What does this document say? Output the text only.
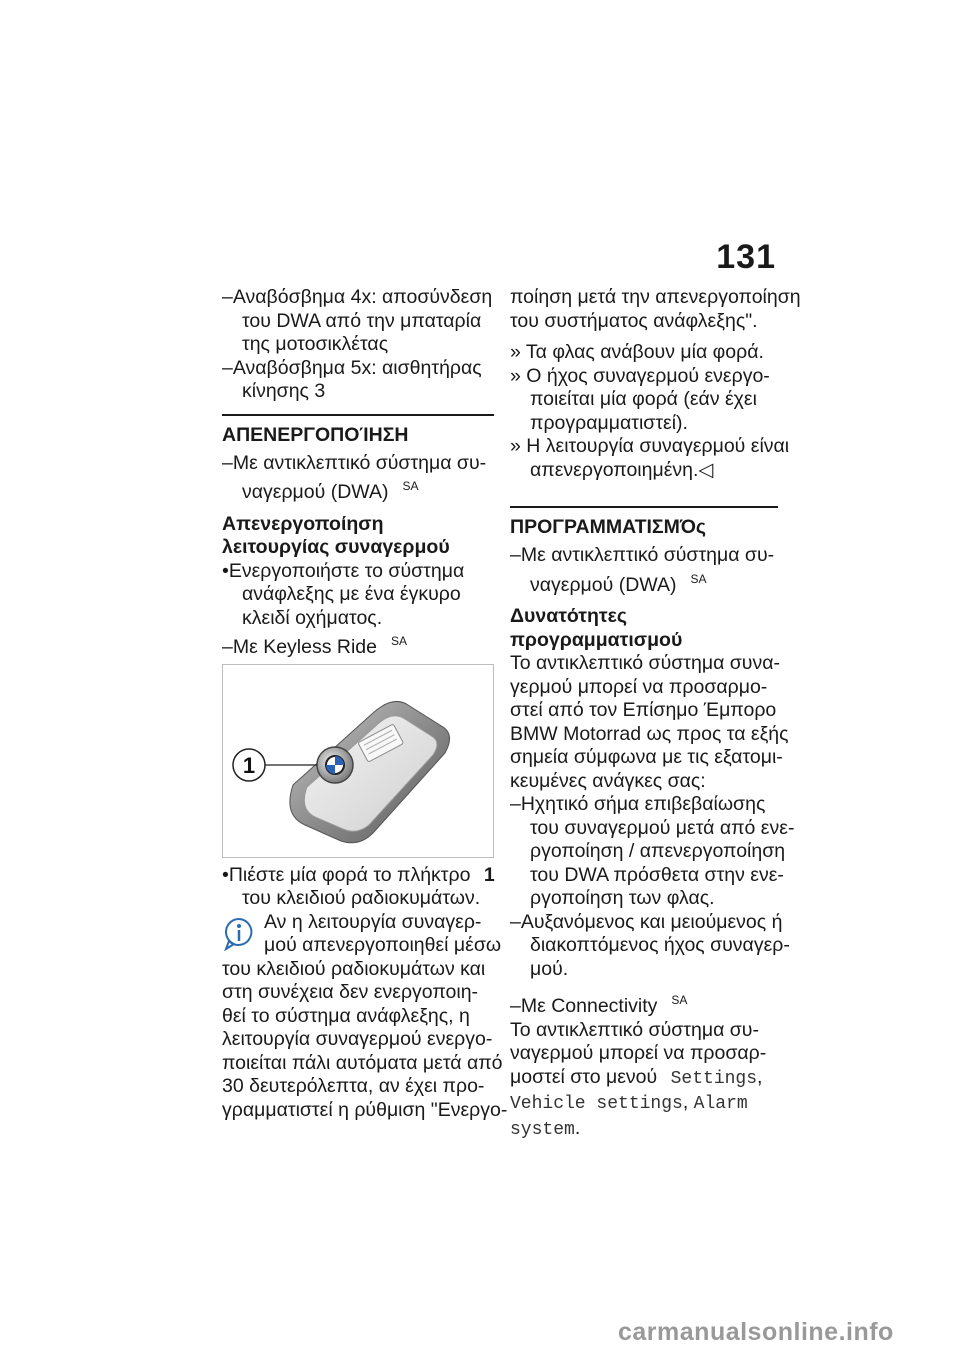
131
–Αναβόσβημα 4x: αποσύνδεση
του DWA από την μπαταρία
της μοτοσικλέτας
–Αναβόσβημα 5x: αισθητήρας
κίνησης 3
ΑΠΕΝΕΡΓΟΠΟΊΗΣΗ
–Με αντικλεπτικό σύστημα συ-
ναγερμού (DWA) $^{SA}$
Απενεργοποίηση
λειτουργίας συναγερμού
•Ενεργοποιήστε το σύστημα
ανάφλεξης με ένα έγκυρο
κλειδί οχήματος.
–Με Keyless Ride $^{SA}$
1
•Πιέστε μία φορά το πλήκτρο 1
του κλειδιού ραδιοκυμάτων.
Αν η λειτουργία συναγερ-
μού απενεργοποιηθεί μέσω
του κλειδιού ραδιοκυμάτων και
στη συνέχεια δεν ενεργοποιη-
θεί το σύστημα ανάφλεξης, η
λειτουργία συναγερμού ενεργο-
ποιείται πάλι αυτόματα μετά από
30 δευτερόλεπτα, αν έχει προ-
γραμματιστεί η ρύθμιση "Ενεργο-
ποίηση μετά την απενεργοποίηση
του συστήματος ανάφλεξης".
» Τα φλας ανάβουν μία φορά.
» Ο ήχος συναγερμού ενεργο-
ποιείται μία φορά (εάν έχει
προγραμματιστεί).
» Η λειτουργία συναγερμού είναι
απενεργοποιημένη.◁
ΠΡΟΓΡΑΜΜΑΤΙΣΜΌς
–Με αντικλεπτικό σύστημα συ-
ναγερμού (DWA) $^{SA}$
Δυνατότητες
προγραμματισμού
Το αντικλεπτικό σύστημα συνα-
γερμού μπορεί να προσαρμο-
στεί από τον Επίσημο Έμπορο
BMW Motorrad ως προς τα εξής
σημεία σύμφωνα με τις εξατομι-
κευμένες ανάγκες σας:
–Ηχητικό σήμα επιβεβαίωσης
του συναγερμού μετά από ενε-
ργοποίηση / απενεργοποίηση
του DWA πρόσθετα στην ενε-
ργοποίηση των φλας.
–Αυξανόμενος και μειούμενος ή
διακοπτόμενος ήχος συναγερ-
μού.
–Με Connectivity $^{SA}$
Το αντικλεπτικό σύστημα συ-
ναγερμού μπορεί να προσαρ-
μοστεί στο μενού Settings,
Vehicle settings, Alarm
system.
carmanualsonline.info
